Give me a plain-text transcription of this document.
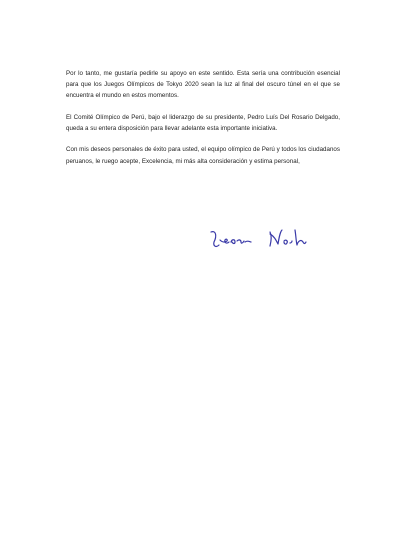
Por lo tanto, me gustaría pedirle su apoyo en este sentido. Esta sería una contribución esencial para que los Juegos Olímpicos de Tokyo 2020 sean la luz al final del oscuro túnel en el que se encuentra el mundo en estos momentos.

El Comité Olímpico de Perú, bajo el liderazgo de su presidente, Pedro Luís Del Rosario Delgado, queda a su entera disposición para llevar adelante esta importante iniciativa.

Con mis deseos personales de éxito para usted, el equipo olímpico de Perú y todos los ciudadanos peruanos, le ruego acepte, Excelencia, mi más alta consideración y estima personal,
